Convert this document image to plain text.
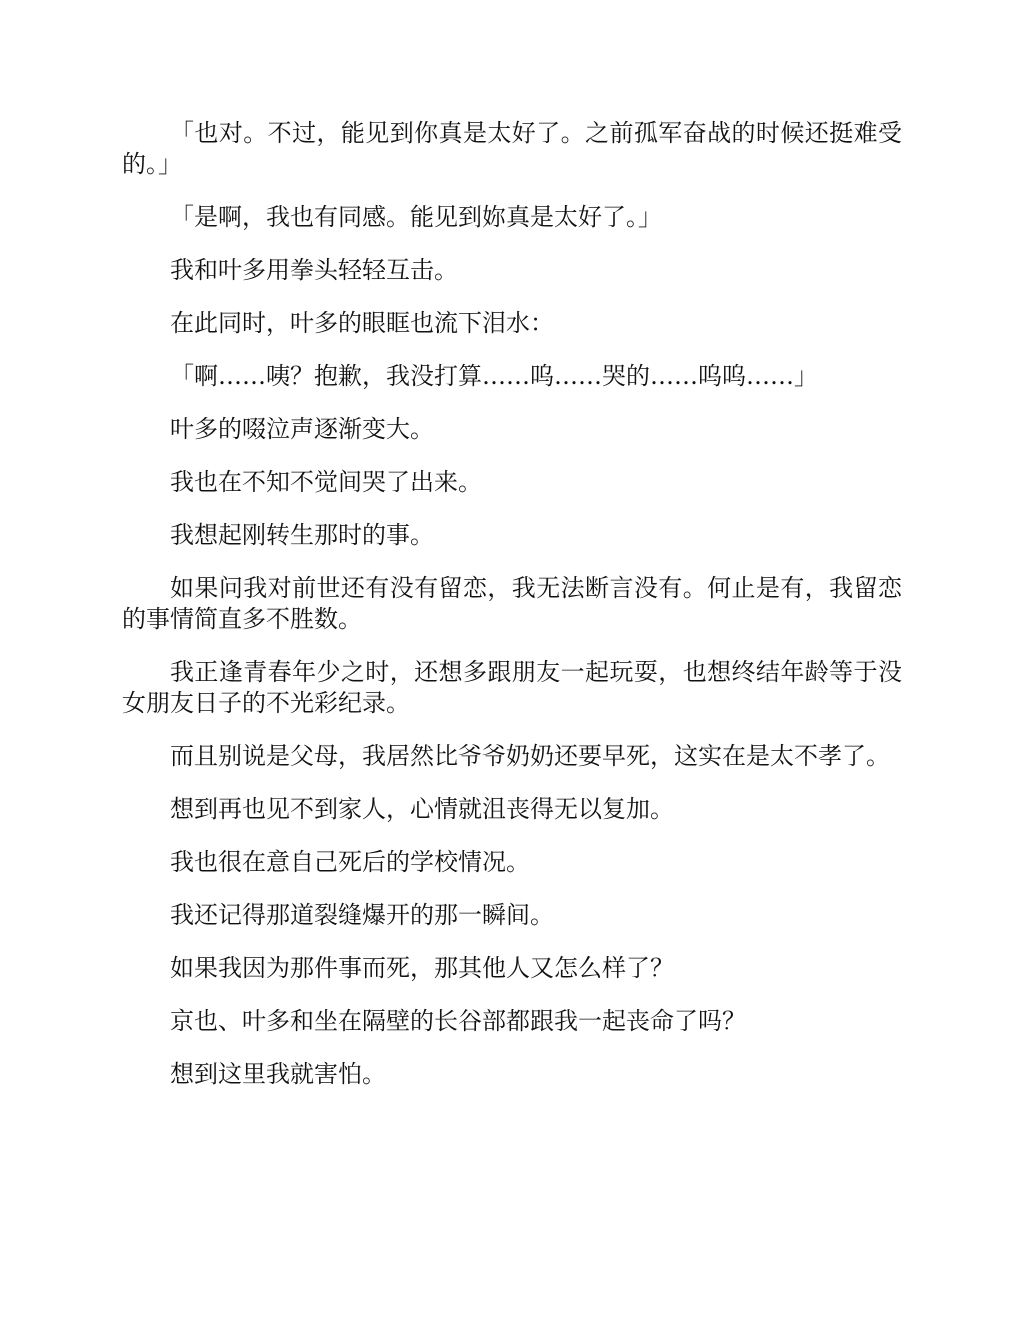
「也对。不过，能见到你真是太好了。之前孤军奋战的时候还挺难受的。」

「是啊，我也有同感。能见到妳真是太好了。」

我和叶多用拳头轻轻互击。

在此同时，叶多的眼眶也流下泪水：

「啊……咦？抱歉，我没打算……呜……哭的……呜呜……」

叶多的啜泣声逐渐变大。

我也在不知不觉间哭了出来。

我想起刚转生那时的事。

如果问我对前世还有没有留恋，我无法断言没有。何止是有，我留恋的事情简直多不胜数。

我正逢青春年少之时，还想多跟朋友一起玩耍，也想终结年龄等于没女朋友日子的不光彩纪录。

而且别说是父母，我居然比爷爷奶奶还要早死，这实在是太不孝了。

想到再也见不到家人，心情就沮丧得无以复加。

我也很在意自己死后的学校情况。

我还记得那道裂缝爆开的那一瞬间。

如果我因为那件事而死，那其他人又怎么样了？

京也、叶多和坐在隔壁的长谷部都跟我一起丧命了吗？

想到这里我就害怕。
